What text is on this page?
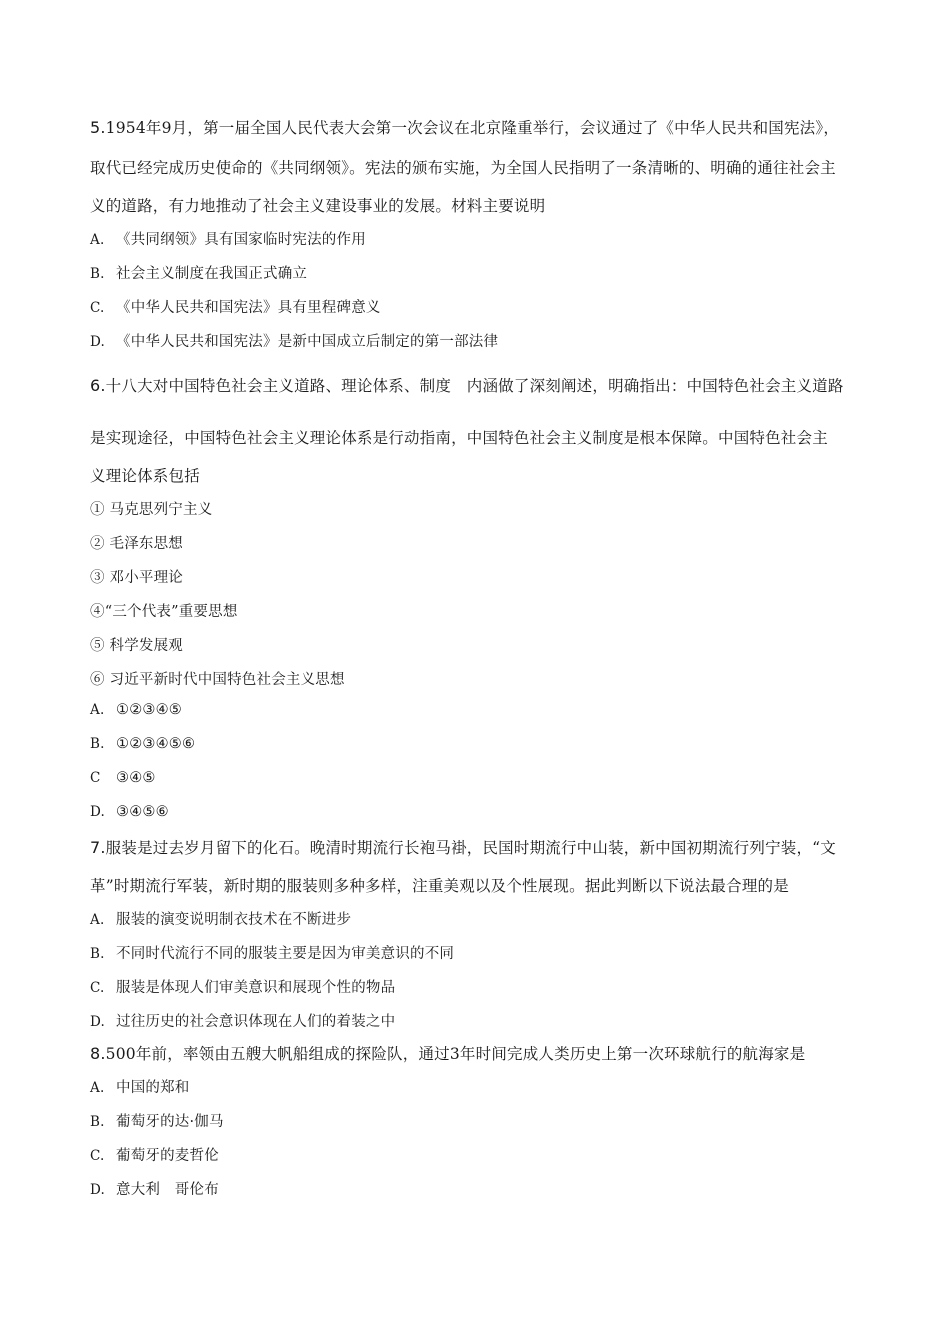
5.1954年9月，第一届全国人民代表大会第一次会议在北京隆重举行，会议通过了《中华人民共和国宪法》，
取代已经完成历史使命的《共同纲领》。宪法的颁布实施，为全国人民指明了一条清晰的、明确的通往社会主
义的道路，有力地推动了社会主义建设事业的发展。材料主要说明
A. 《共同纲领》具有国家临时宪法的作用
B. 社会主义制度在我国正式确立
C. 《中华人民共和国宪法》具有里程碑意义
D. 《中华人民共和国宪法》是新中国成立后制定的第一部法律
6.十八大对中国特色社会主义道路、理论体系、制度　内涵做了深刻阐述，明确指出：中国特色社会主义道路
是实现途径，中国特色社会主义理论体系是行动指南，中国特色社会主义制度是根本保障。中国特色社会主
义理论体系包括
① 马克思列宁主义
② 毛泽东思想
③ 邓小平理论
④“三个代表”重要思想
⑤ 科学发展观
⑥ 习近平新时代中国特色社会主义思想
A. ①②③④⑤
B. ①②③④⑤⑥
C ③④⑤
D. ③④⑤⑥
7.服装是过去岁月留下的化石。晚清时期流行长袍马褂，民国时期流行中山装，新中国初期流行列宁装，“文
革”时期流行军装，新时期的服装则多种多样，注重美观以及个性展现。据此判断以下说法最合理的是
A. 服装的演变说明制衣技术在不断进步
B. 不同时代流行不同的服装主要是因为审美意识的不同
C. 服装是体现人们审美意识和展现个性的物品
D. 过往历史的社会意识体现在人们的着装之中
8.500年前，率领由五艘大帆船组成的探险队，通过3年时间完成人类历史上第一次环球航行的航海家是
A. 中国的郑和
B. 葡萄牙的达·伽马
C. 葡萄牙的麦哲伦
D. 意大利　哥伦布
